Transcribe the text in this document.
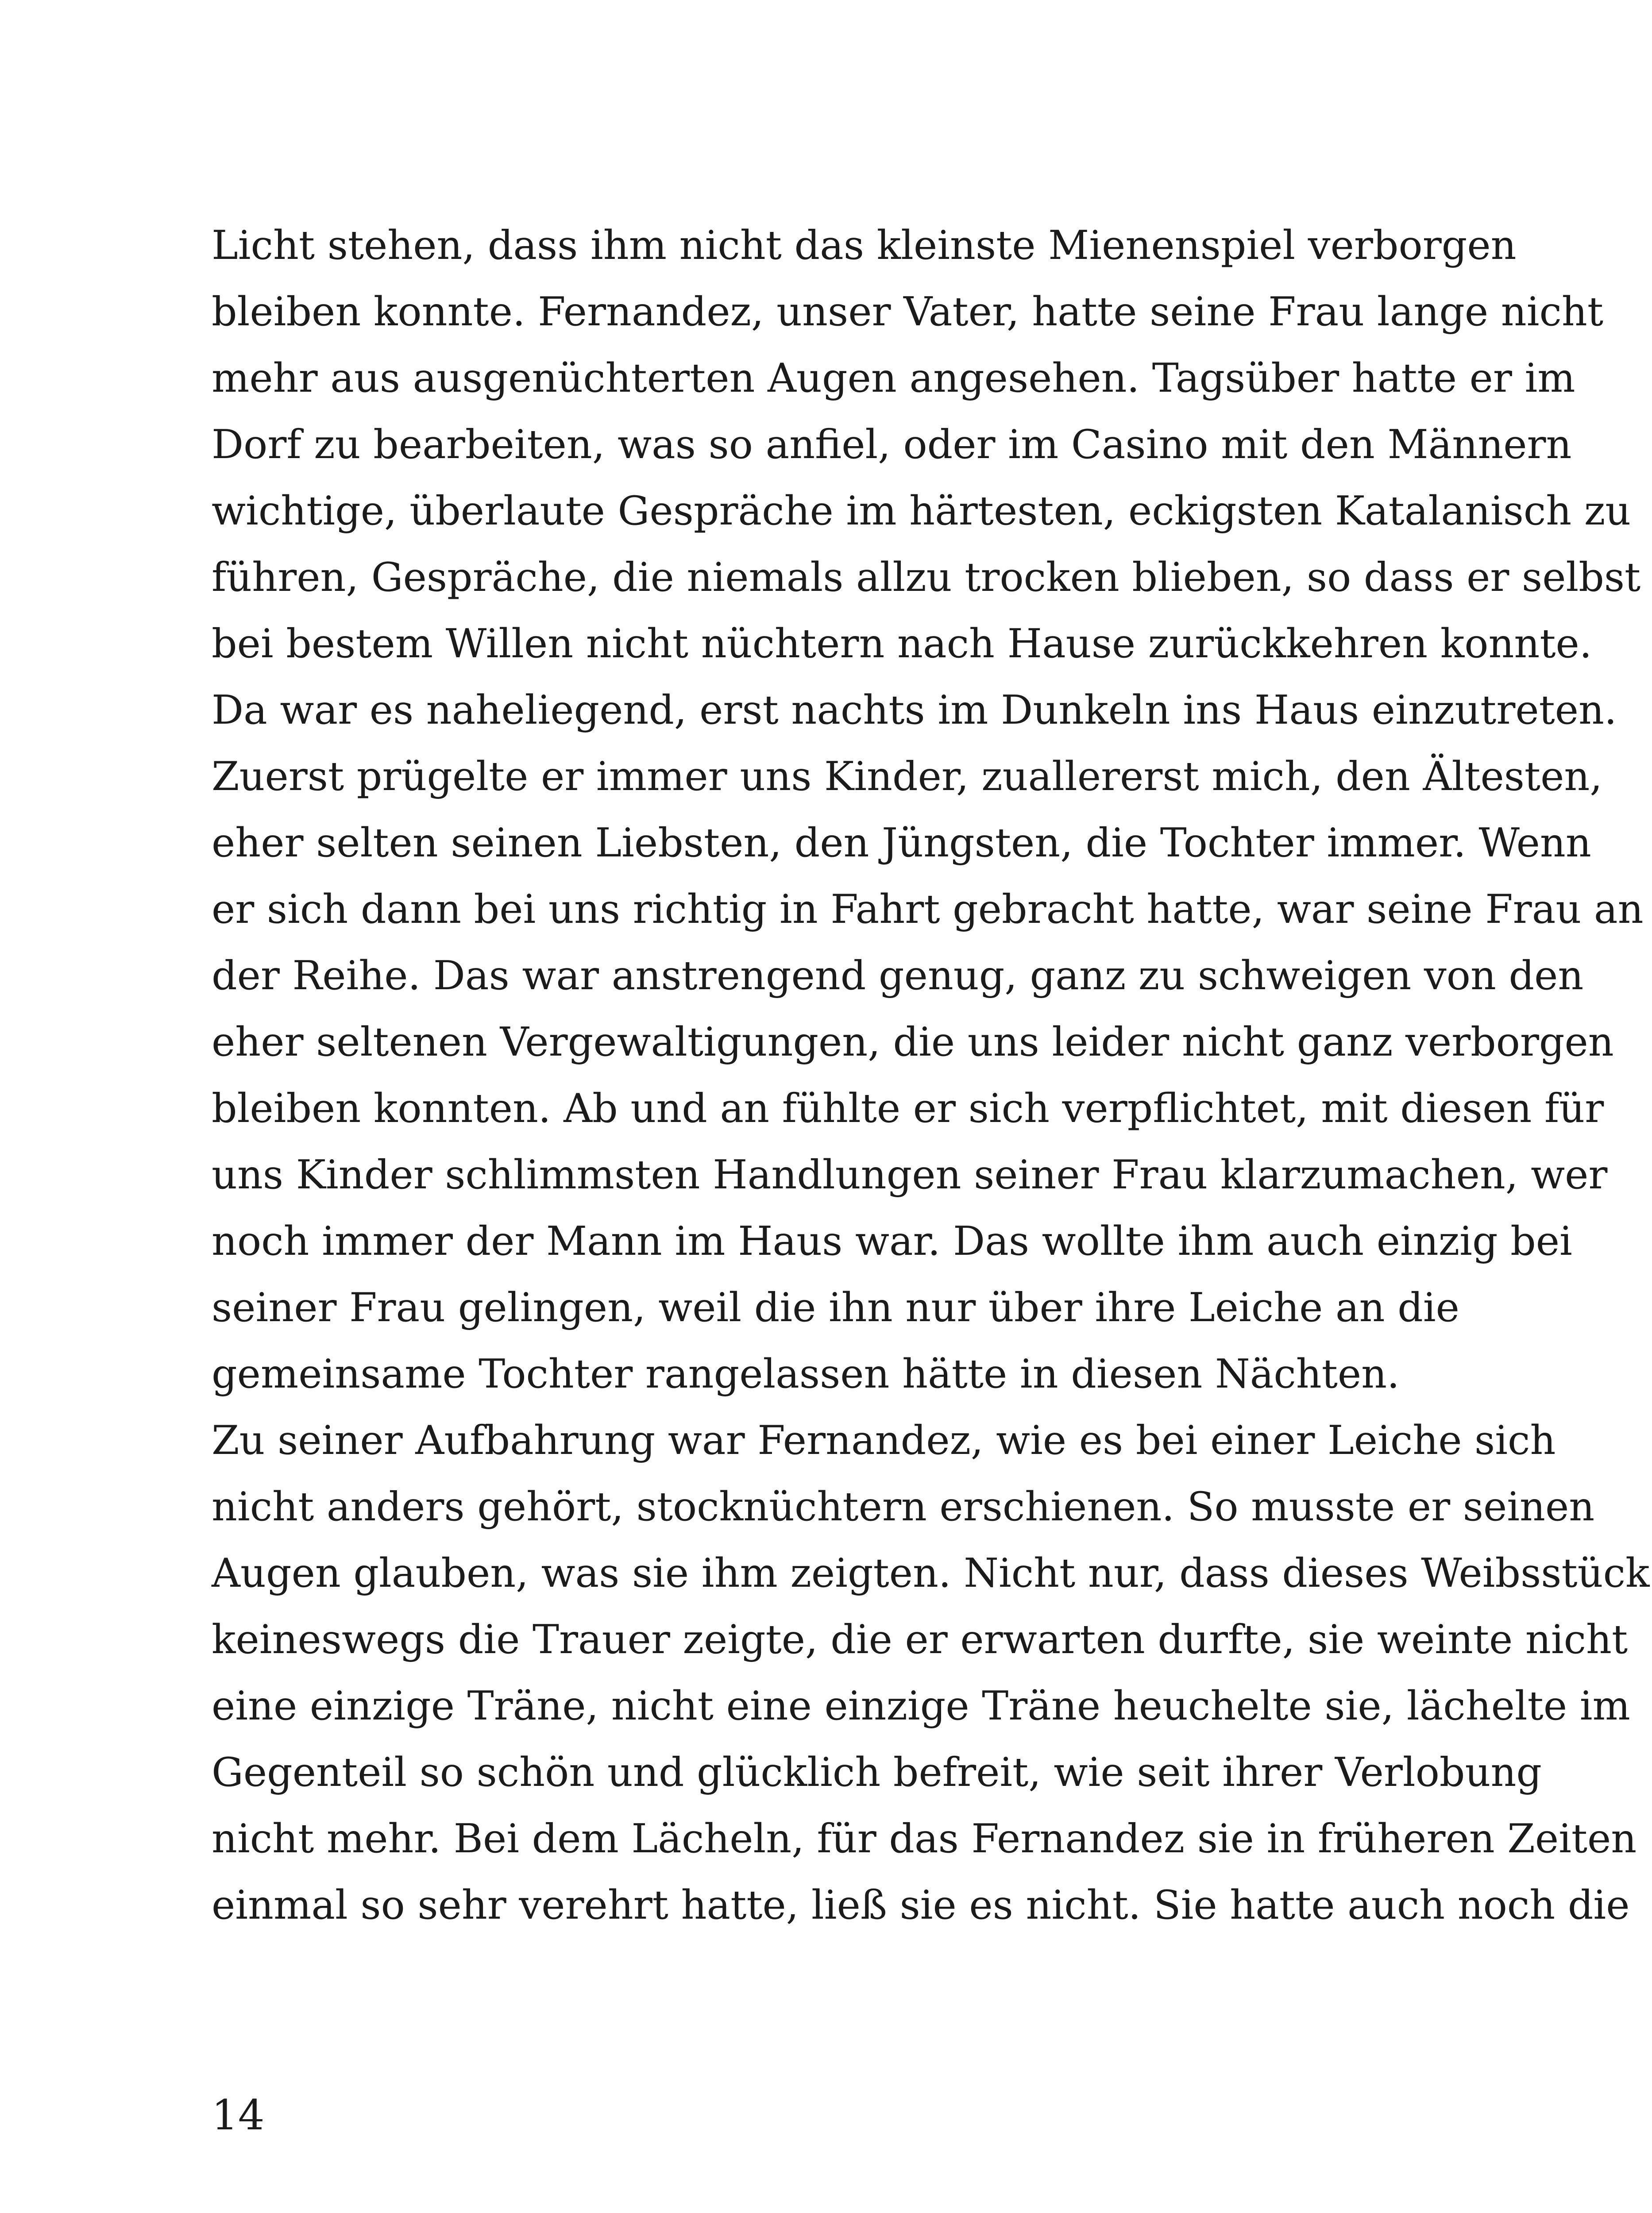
Licht stehen, dass ihm nicht das kleinste Mienenspiel verborgen
bleiben konnte. Fernandez, unser Vater, hatte seine Frau lange nicht
mehr aus ausgenüchterten Augen angesehen. Tagsüber hatte er im
Dorf zu bearbeiten, was so anfiel, oder im Casino mit den Männern
wichtige, überlaute Gespräche im härtesten, eckigsten Katalanisch zu
führen, Gespräche, die niemals allzu trocken blieben, so dass er selbst
bei bestem Willen nicht nüchtern nach Hause zurückkehren konnte.
Da war es naheliegend, erst nachts im Dunkeln ins Haus einzutreten.
Zuerst prügelte er immer uns Kinder, zuallererst mich, den Ältesten,
eher selten seinen Liebsten, den Jüngsten, die Tochter immer. Wenn
er sich dann bei uns richtig in Fahrt gebracht hatte, war seine Frau an
der Reihe. Das war anstrengend genug, ganz zu schweigen von den
eher seltenen Vergewaltigungen, die uns leider nicht ganz verborgen
bleiben konnten. Ab und an fühlte er sich verpflichtet, mit diesen für
uns Kinder schlimmsten Handlungen seiner Frau klarzumachen, wer
noch immer der Mann im Haus war. Das wollte ihm auch einzig bei
seiner Frau gelingen, weil die ihn nur über ihre Leiche an die
gemeinsame Tochter rangelassen hätte in diesen Nächten.
Zu seiner Aufbahrung war Fernandez, wie es bei einer Leiche sich
nicht anders gehört, stocknüchtern erschienen. So musste er seinen
Augen glauben, was sie ihm zeigten. Nicht nur, dass dieses Weibsstück
keineswegs die Trauer zeigte, die er erwarten durfte, sie weinte nicht
eine einzige Träne, nicht eine einzige Träne heuchelte sie, lächelte im
Gegenteil so schön und glücklich befreit, wie seit ihrer Verlobung
nicht mehr. Bei dem Lächeln, für das Fernandez sie in früheren Zeiten
einmal so sehr verehrt hatte, ließ sie es nicht. Sie hatte auch noch die
14
